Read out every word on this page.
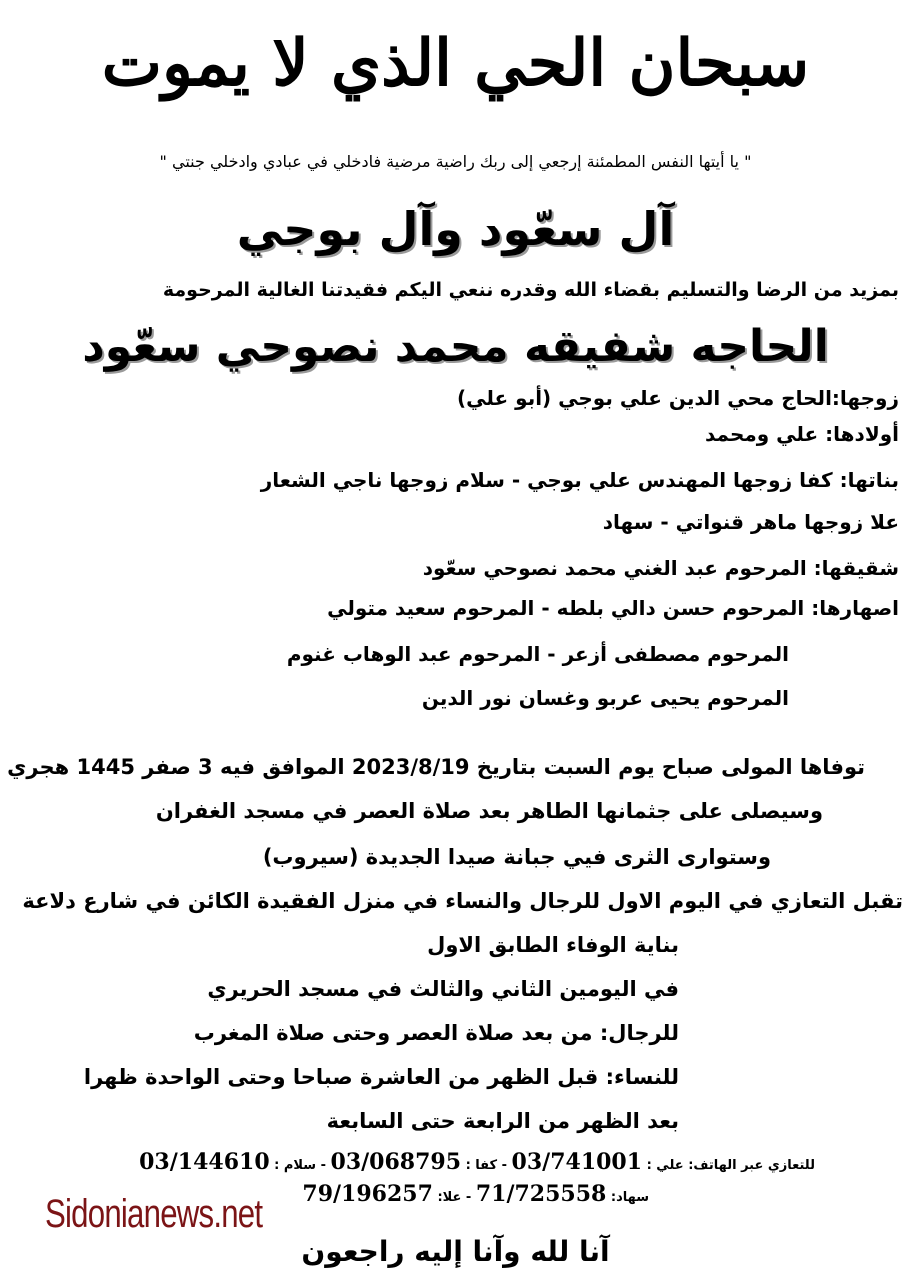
سبحان الحي الذي لا يموت
" يا أيتها النفس المطمئنة إرجعي إلى ربك راضية مرضية فادخلي في عبادي وادخلي جنتي "
آل سعّود وآل بوجي
بمزيد من الرضا والتسليم بقضاء الله وقدره ننعي اليكم فقيدتنا الغالية المرحومة
الحاجه شفيقه محمد نصوحي سعّود
زوجها:الحاج محي الدين علي بوجي (أبو علي)
أولادها: علي ومحمد
بناتها: كفا زوجها المهندس علي بوجي - سلام زوجها ناجي الشعار
علا زوجها ماهر قنواتي - سهاد
شقيقها: المرحوم عبد الغني محمد نصوحي سعّود
اصهارها: المرحوم حسن دالي بلطه - المرحوم سعيد متولي
المرحوم مصطفى أزعر - المرحوم عبد الوهاب غنوم
المرحوم يحيى عربو وغسان نور الدين
توفاها المولى صباح يوم السبت بتاريخ 2023/8/19 الموافق فيه 3 صفر 1445 هجري
وسيصلى على جثمانها الطاهر بعد صلاة العصر في مسجد الغفران
وستوارى الثرى فيي جبانة صيدا الجديدة (سيروب)
تقبل التعازي في اليوم الاول للرجال والنساء في منزل الفقيدة الكائن في شارع دلاعة
بناية الوفاء الطابق الاول
في اليومين الثاني والثالث في مسجد الحريري
للرجال: من بعد صلاة العصر وحتى صلاة المغرب
للنساء: قبل الظهر من العاشرة صباحا وحتى الواحدة ظهرا
بعد الظهر من الرابعة حتى السابعة
للتعازي عبر الهاتف: علي : 03/741001 - كفا : 03/068795 - سلام : 03/144610
سهاد: 71/725558 - علا: 79/196257
Sidonianews.net
آنا لله وآنا إليه راجعون
